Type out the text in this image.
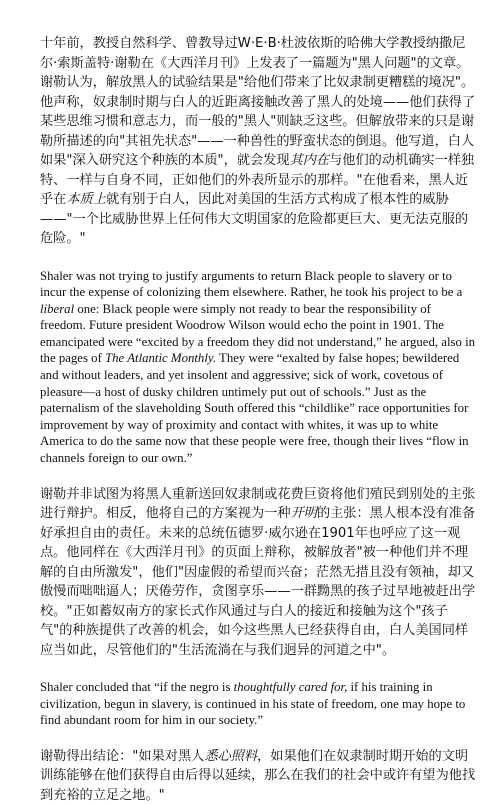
十年前，教授自然科学、曾教导过W·E·B·杜波依斯的哈佛大学教授纳撒尼尔·索斯盖特·谢勒在《大西洋月刊》上发表了一篇题为"黑人问题"的文章。谢勒认为，解放黑人的试验结果是"给他们带来了比奴隶制更糟糕的境况"。他声称，奴隶制时期与白人的近距离接触改善了黑人的处境——他们获得了某些思维习惯和意志力，而一般的"黑人"则缺乏这些。但解放带来的只是谢勒所描述的向"其祖先状态"——一种兽性的野蛮状态的倒退。他写道，白人如果"深入研究这个种族的本质"，就会发现其内在与他们的动机确实一样独特、一样与自身不同，正如他们的外表所显示的那样。"在他看来，黑人近乎在本质上就有别于白人，因此对美国的生活方式构成了根本性的威胁——"一个比威胁世界上任何伟大文明国家的危险都更巨大、更无法克服的危险。"

Shaler was not trying to justify arguments to return Black people to slavery or to incur the expense of colonizing them elsewhere. Rather, he took his project to be a liberal one: Black people were simply not ready to bear the responsibility of freedom. Future president Woodrow Wilson would echo the point in 1901. The emancipated were “excited by a freedom they did not understand,” he argued, also in the pages of The Atlantic Monthly. They were “exalted by false hopes; bewildered and without leaders, and yet insolent and aggressive; sick of work, covetous of pleasure—a host of dusky children untimely put out of schools.” Just as the paternalism of the slaveholding South offered this “childlike” race opportunities for improvement by way of proximity and contact with whites, it was up to white America to do the same now that these people were free, though their lives “flow in channels foreign to our own.”

谢勒并非试图为将黑人重新送回奴隶制或花费巨资将他们殖民到别处的主张进行辩护。相反，他将自己的方案视为一种开明的主张：黑人根本没有准备好承担自由的责任。未来的总统伍德罗·威尔逊在1901年也呼应了这一观点。他同样在《大西洋月刊》的页面上辩称，被解放者"被一种他们并不理解的自由所激发"，他们"因虚假的希望而兴奋；茫然无措且没有领袖，却又傲慢而咄咄逼人；厌倦劳作，贪图享乐——一群黝黑的孩子过早地被赶出学校。"正如蓄奴南方的家长式作风通过与白人的接近和接触为这个"孩子气"的种族提供了改善的机会，如今这些黑人已经获得自由，白人美国同样应当如此，尽管他们的"生活流淌在与我们迥异的河道之中"。

Shaler concluded that “if the negro is thoughtfully cared for, if his training in civilization, begun in slavery, is continued in his state of freedom, one may hope to find abundant room for him in our society.”

谢勒得出结论："如果对黑人悉心照料，如果他们在奴隶制时期开始的文明训练能够在他们获得自由后得以延续，那么在我们的社会中或许有望为他找到充裕的立足之地。"
